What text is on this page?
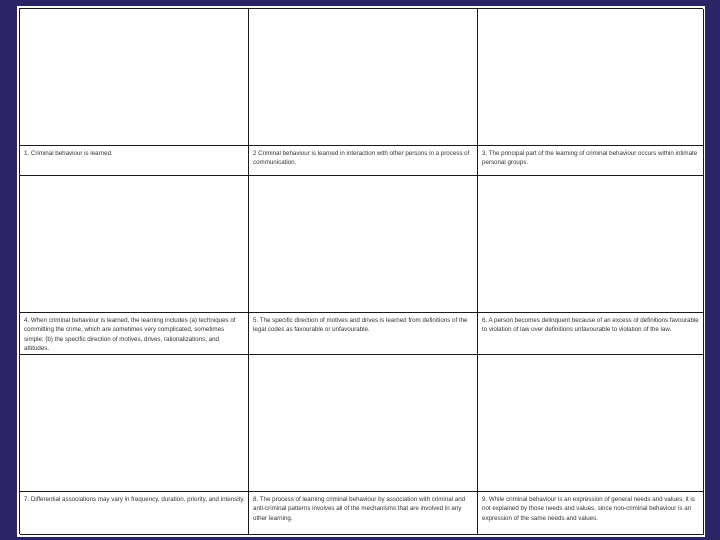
1. Criminal behaviour is learned.	2 Criminal behaviour is learned in interaction with other persons in a process of communication.
3. The principal part of the learning of criminal behaviour occurs within intimate personal groups.
4. When criminal behaviour is learned, the learning includes (a) techniques of committing the crime, which are sometimes very complicated, sometimes simple; (b) the specific direction of motives, drives, rationalizations, and attitudes.
5. The specific direction of motives and drives is learned from definitions of the legal codes as favourable or unfavourable.
6. A person becomes delinquent because of an excess of definitions favourable to violation of law over definitions unfavourable to violation of the law.
7. Differential associations may vary in frequency, duration, priority, and intensity.	8. The process of learning criminal behaviour by association with criminal and anti-criminal patterns involves all of the mechanisms that are involved in any other learning.
9. While criminal behaviour is an expression of general needs and values, it is not explained by those needs and values, since non-criminal behaviour is an expression of the same needs and values.
